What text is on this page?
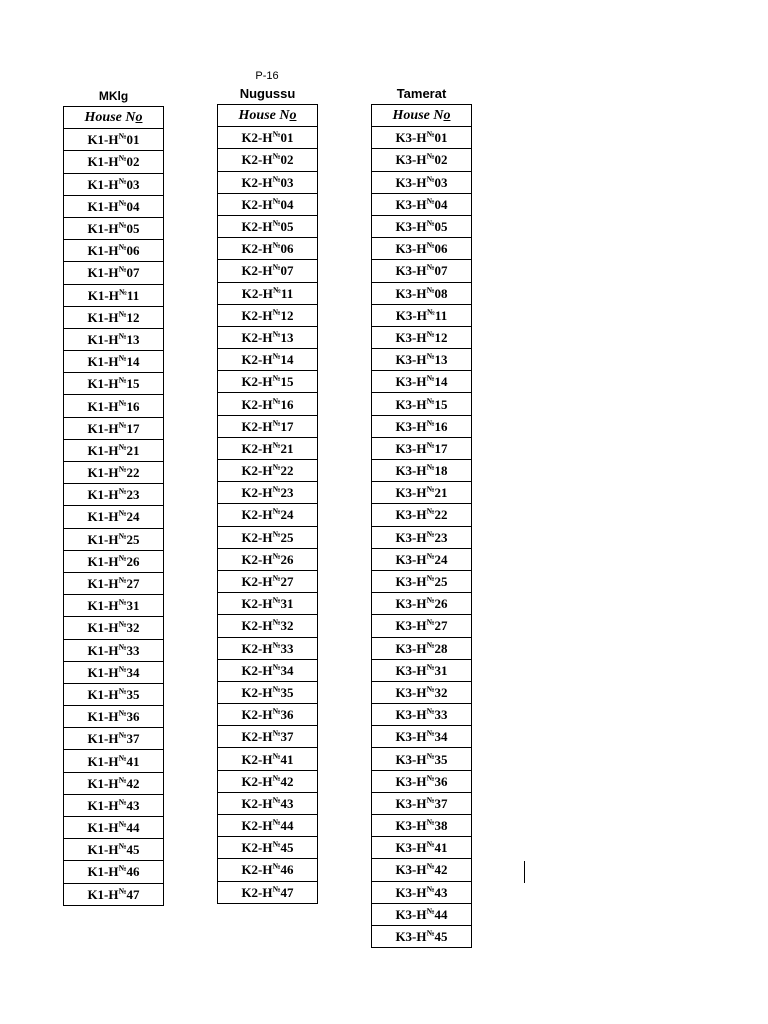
P-16
MKlg
House No
K1-H№01
K1-H№02
K1-H№03
K1-H№04
K1-H№05
K1-H№06
K1-H№07
K1-H№11
K1-H№12
K1-H№13
K1-H№14
K1-H№15
K1-H№16
K1-H№17
K1-H№21
K1-H№22
K1-H№23
K1-H№24
K1-H№25
K1-H№26
K1-H№27
K1-H№31
K1-H№32
K1-H№33
K1-H№34
K1-H№35
K1-H№36
K1-H№37
K1-H№41
K1-H№42
K1-H№43
K1-H№44
K1-H№45
K1-H№46
K1-H№47
Nugussu
House No
K2-H№01
K2-H№02
K2-H№03
K2-H№04
K2-H№05
K2-H№06
K2-H№07
K2-H№11
K2-H№12
K2-H№13
K2-H№14
K2-H№15
K2-H№16
K2-H№17
K2-H№21
K2-H№22
K2-H№23
K2-H№24
K2-H№25
K2-H№26
K2-H№27
K2-H№31
K2-H№32
K2-H№33
K2-H№34
K2-H№35
K2-H№36
K2-H№37
K2-H№41
K2-H№42
K2-H№43
K2-H№44
K2-H№45
K2-H№46
K2-H№47
Tamerat
House No
K3-H№01
K3-H№02
K3-H№03
K3-H№04
K3-H№05
K3-H№06
K3-H№07
K3-H№08
K3-H№11
K3-H№12
K3-H№13
K3-H№14
K3-H№15
K3-H№16
K3-H№17
K3-H№18
K3-H№21
K3-H№22
K3-H№23
K3-H№24
K3-H№25
K3-H№26
K3-H№27
K3-H№28
K3-H№31
K3-H№32
K3-H№33
K3-H№34
K3-H№35
K3-H№36
K3-H№37
K3-H№38
K3-H№41
K3-H№42
K3-H№43
K3-H№44
K3-H№45
